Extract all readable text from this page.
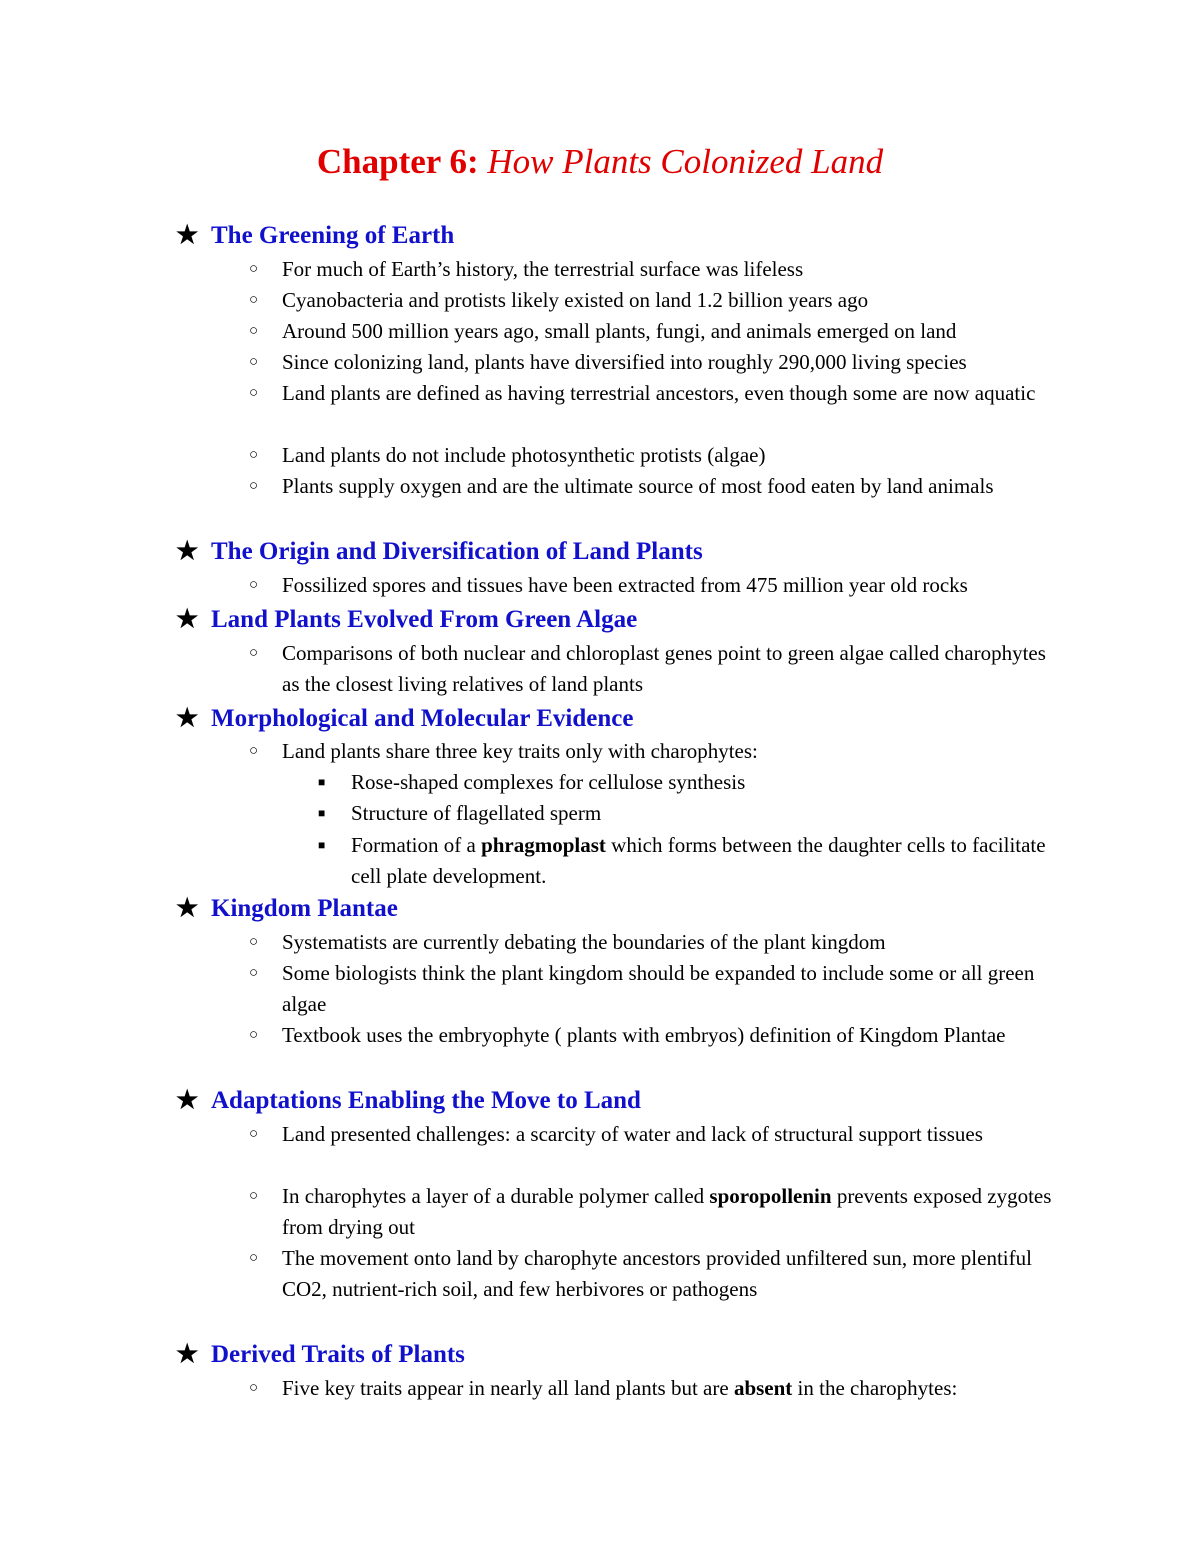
Chapter 6: How Plants Colonized Land
★ The Greening of Earth
○ For much of Earth’s history, the terrestrial surface was lifeless
○ Cyanobacteria and protists likely existed on land 1.2 billion years ago
○ Around 500 million years ago, small plants, fungi, and animals emerged on land
○ Since colonizing land, plants have diversified into roughly 290,000 living species
○ Land plants are defined as having terrestrial ancestors, even though some are now aquatic
○ Land plants do not include photosynthetic protists (algae)
○ Plants supply oxygen and are the ultimate source of most food eaten by land animals
★ The Origin and Diversification of Land Plants
○ Fossilized spores and tissues have been extracted from 475 million year old rocks
★ Land Plants Evolved From Green Algae
○ Comparisons of both nuclear and chloroplast genes point to green algae called charophytes as the closest living relatives of land plants
★ Morphological and Molecular Evidence
○ Land plants share three key traits only with charophytes:
■ Rose-shaped complexes for cellulose synthesis
■ Structure of flagellated sperm
■ Formation of a phragmoplast which forms between the daughter cells to facilitate cell plate development.
★ Kingdom Plantae
○ Systematists are currently debating the boundaries of the plant kingdom
○ Some biologists think the plant kingdom should be expanded to include some or all green algae
○ Textbook uses the embryophyte ( plants with embryos) definition of Kingdom Plantae
★ Adaptations Enabling the Move to Land
○ Land presented challenges: a scarcity of water and lack of structural support tissues
○ In charophytes a layer of a durable polymer called sporopollenin prevents exposed zygotes from drying out
○ The movement onto land by charophyte ancestors provided unfiltered sun, more plentiful CO2, nutrient-rich soil, and few herbivores or pathogens
★ Derived Traits of Plants
○ Five key traits appear in nearly all land plants but are absent in the charophytes:
